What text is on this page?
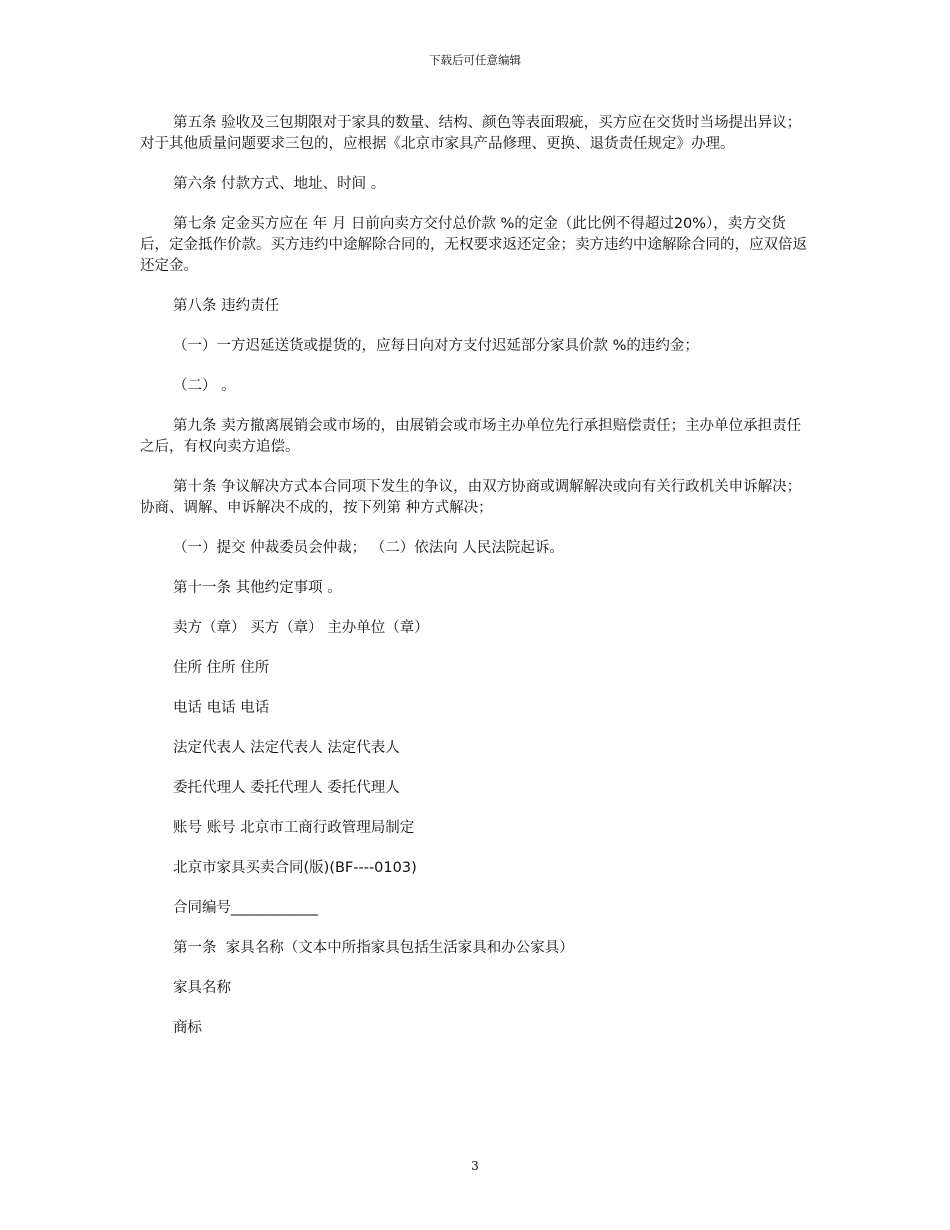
下载后可任意编辑

第五条 验收及三包期限对于家具的数量、结构、颜色等表面瑕疵，买方应在交货时当场提出异议；对于其他质量问题要求三包的，应根据《北京市家具产品修理、更换、退货责任规定》办理。

第六条 付款方式、地址、时间 。

第七条 定金买方应在 年 月 日前向卖方交付总价款 %的定金（此比例不得超过20%），卖方交货后，定金抵作价款。买方违约中途解除合同的，无权要求返还定金；卖方违约中途解除合同的，应双倍返还定金。

第八条 违约责任

（一）一方迟延送货或提货的，应每日向对方支付迟延部分家具价款 %的违约金；

（二） 。

第九条 卖方撤离展销会或市场的，由展销会或市场主办单位先行承担赔偿责任；主办单位承担责任之后，有权向卖方追偿。

第十条 争议解决方式本合同项下发生的争议，由双方协商或调解解决或向有关行政机关申诉解决；协商、调解、申诉解决不成的，按下列第 种方式解决；

（一）提交 仲裁委员会仲裁； （二）依法向 人民法院起诉。

第十一条 其他约定事项 。

卖方（章） 买方（章） 主办单位（章）

住所 住所 住所

电话 电话 电话

法定代表人 法定代表人 法定代表人

委托代理人 委托代理人 委托代理人

账号 账号 北京市工商行政管理局制定

北京市家具买卖合同(版)(BF----0103)

合同编号____________

第一条  家具名称（文本中所指家具包括生活家具和办公家具）

家具名称

商标

3
